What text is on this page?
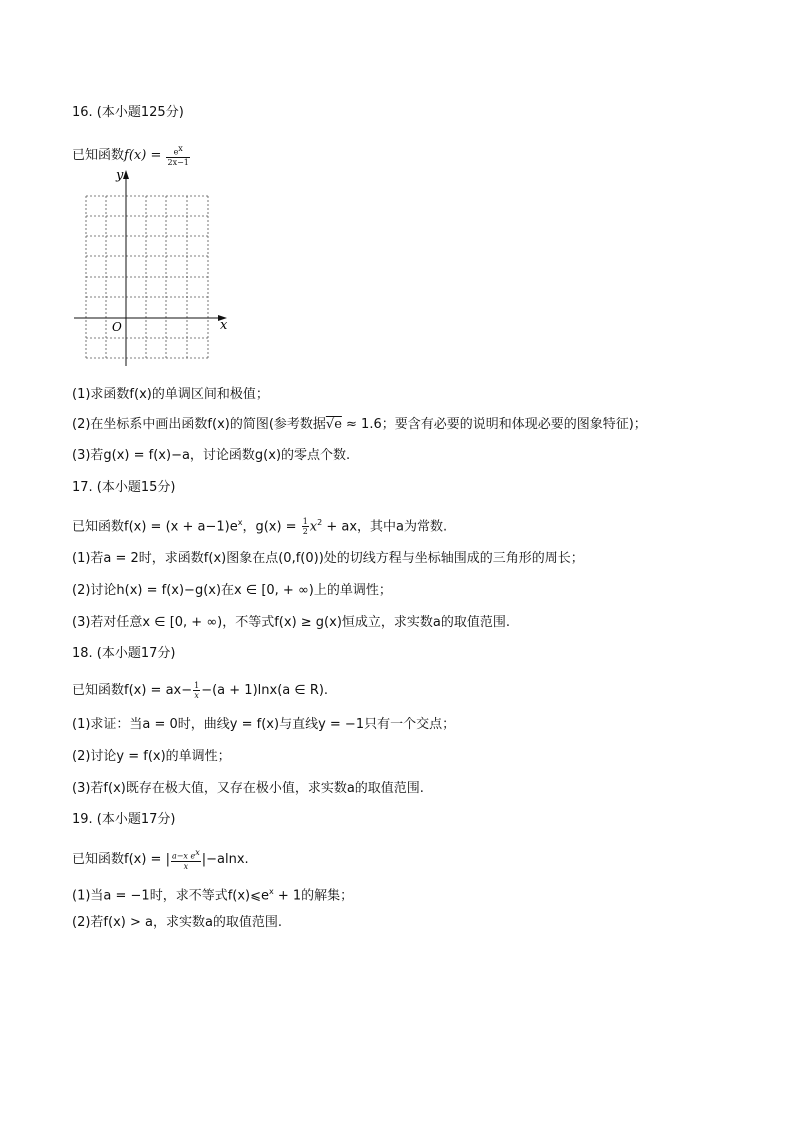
16. (本小题125分)
已知函数$f(x) = \frac{e^x}{2x-1}$
y
x
O
(1)求函数f(x)的单调区间和极值；
(2)在坐标系中画出函数f(x)的简图(参考数据√e ≈ 1.6；要含有必要的说明和体现必要的图象特征)；
(3)若g(x) = f(x)−a，讨论函数g(x)的零点个数.
17. (本小题15分)
已知函数$f(x) = (x + a-1)e^x$，$g(x) = \frac{1}{2} x^2$ + ax，其中a为常数.
(1)若a = 2时，求函数f(x)图象在点(0,f(0))处的切线方程与坐标轴围成的三角形的周长；
(2)讨论h(x) = f(x)−g(x)在x ∈ [0, + ∞)上的单调性；
(3)若对任意x ∈ [0, + ∞)，不等式f(x) ≥ g(x)恒成立，求实数a的取值范围.
18. (本小题17分)
已知函数$f(x) = ax- \frac{1}{x} -(a + 1)\ln x(a$ ∈ R).
(1)求证：当a = 0时，曲线y = f(x)与直线y = −1只有一个交点；
(2)讨论y = f(x)的单调性；
(3)若f(x)既存在极大值，又存在极小值，求实数a的取值范围.
19. (本小题17分)
已知函数f(x) = | $\frac{a-x e^x}{x} |-alnx$.
(1)当a = −1时，求不等式$f(x)⩽e^x + 1$的解集；
(2)若f(x) > a，求实数a的取值范围.
